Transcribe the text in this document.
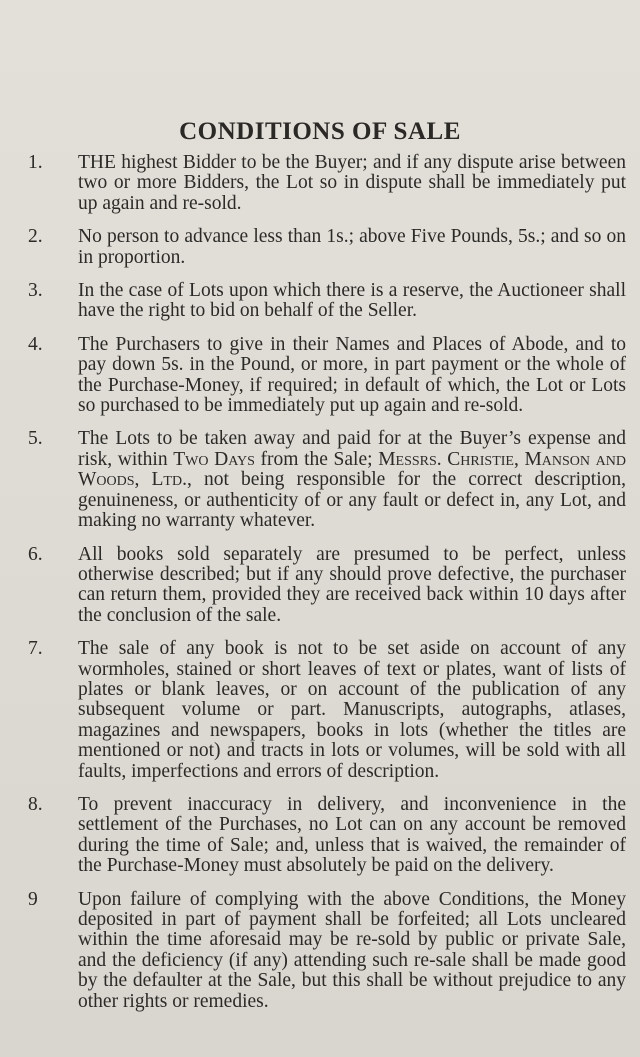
CONDITIONS OF SALE
1.	THE highest Bidder to be the Buyer; and if any dispute arise between two or more Bidders, the Lot so in dispute shall be immediately put up again and re-sold.
2.	No person to advance less than 1s.; above Five Pounds, 5s.; and so on in proportion.
3.	In the case of Lots upon which there is a reserve, the Auctioneer shall have the right to bid on behalf of the Seller.
4.	The Purchasers to give in their Names and Places of Abode, and to pay down 5s. in the Pound, or more, in part payment or the whole of the Purchase-Money, if required; in default of which, the Lot or Lots so purchased to be immediately put up again and re-sold.
5.	The Lots to be taken away and paid for at the Buyer’s expense and risk, within Two Days from the Sale; Messrs. Christie, Manson and Woods, Ltd., not being responsible for the correct description, genuineness, or authenticity of or any fault or defect in, any Lot, and making no warranty whatever.
6.	All books sold separately are presumed to be perfect, unless otherwise described; but if any should prove defective, the purchaser can return them, provided they are received back within 10 days after the conclusion of the sale.
7.	The sale of any book is not to be set aside on account of any wormholes, stained or short leaves of text or plates, want of lists of plates or blank leaves, or on account of the publication of any subsequent volume or part. Manuscripts, autographs, atlases, magazines and newspapers, books in lots (whether the titles are mentioned or not) and tracts in lots or volumes, will be sold with all faults, imperfections and errors of description.
8.	To prevent inaccuracy in delivery, and inconvenience in the settlement of the Purchases, no Lot can on any account be removed during the time of Sale; and, unless that is waived, the remainder of the Purchase-Money must absolutely be paid on the delivery.
9	Upon failure of complying with the above Conditions, the Money deposited in part of payment shall be forfeited; all Lots uncleared within the time aforesaid may be re-sold by public or private Sale, and the deficiency (if any) attending such re-sale shall be made good by the defaulter at the Sale, but this shall be without prejudice to any other rights or remedies.
